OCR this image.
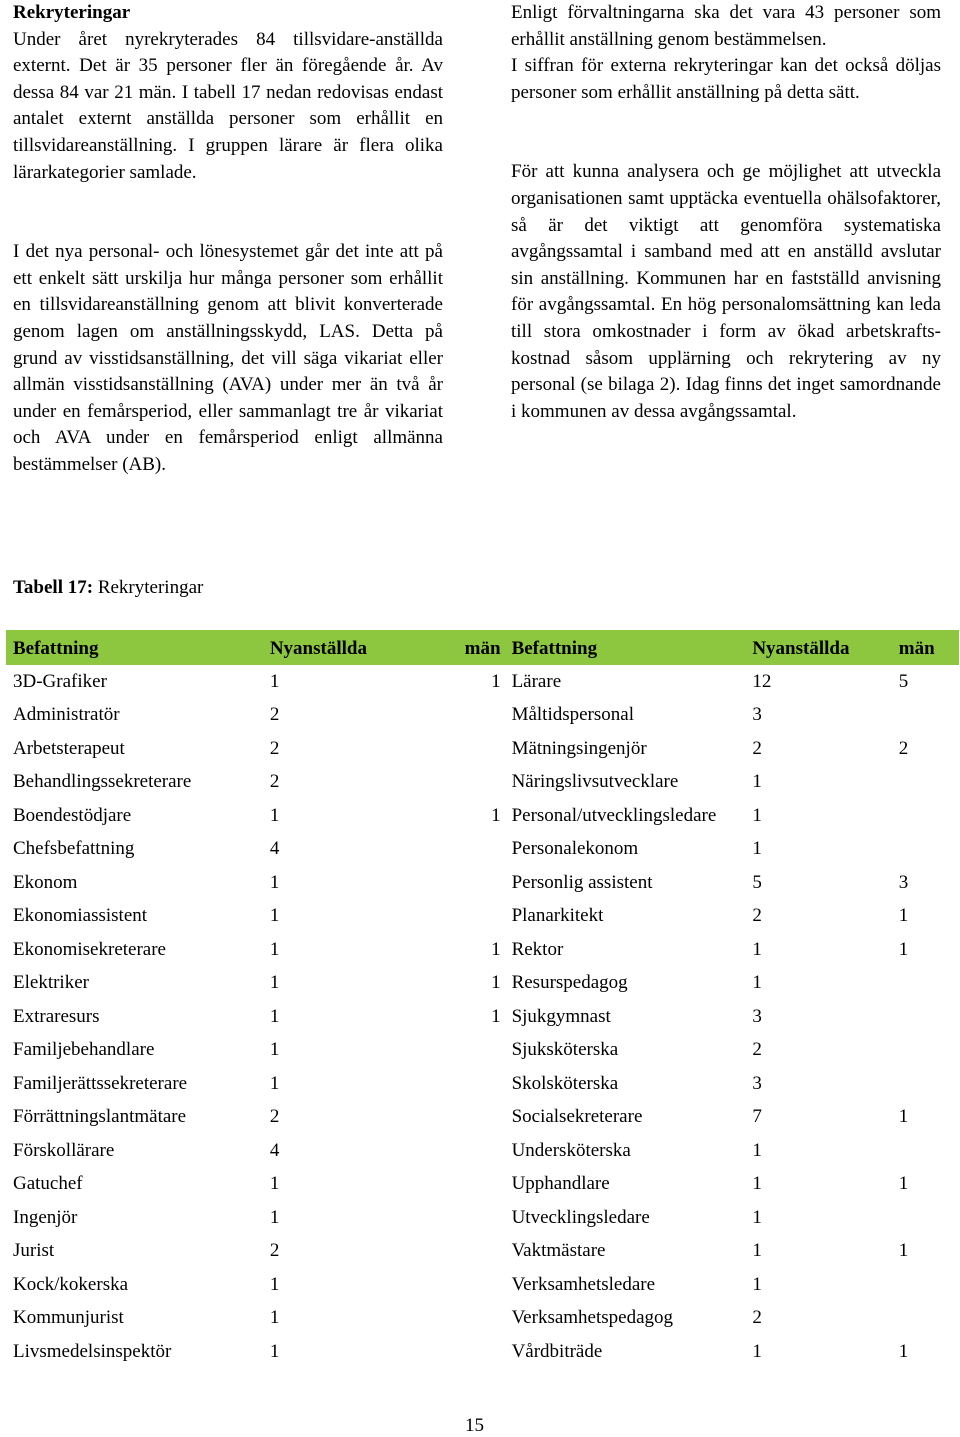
Rekryteringar

Under året nyrekryterades 84 tillsvidare-anställda externt. Det är 35 personer fler än föregående år. Av dessa 84 var 21 män. I tabell 17 nedan redovisas endast antalet externt anställda personer som erhållit en tillsvidareanställning. I gruppen lärare är flera olika lärarkategorier samlade.

I det nya personal- och lönesystemet går det inte att på ett enkelt sätt urskilja hur många personer som erhållit en tillsvidareanställning genom att blivit konverterade genom lagen om anställningsskydd, LAS. Detta på grund av visstidsanställning, det vill säga vikariat eller allmän visstidsanställning (AVA) under mer än två år under en femårsperiod, eller sammanlagt tre år vikariat och AVA under en femårsperiod enligt allmänna bestämmelser (AB).

Enligt förvaltningarna ska det vara 43 personer som erhållit anställning genom bestämmelsen.

I siffran för externa rekryteringar kan det också döljas personer som erhållit anställning på detta sätt.

För att kunna analysera och ge möjlighet att utveckla organisationen samt upptäcka eventuella ohälsofaktorer, så är det viktigt att genomföra systematiska avgångssamtal i samband med att en anställd avslutar sin anställning. Kommunen har en fastställd anvisning för avgångssamtal. En hög personalomsättning kan leda till stora omkostnader i form av ökad arbetskrafts-kostnad såsom upplärning och rekrytering av ny personal (se bilaga 2). Idag finns det inget samordnande i kommunen av dessa avgångssamtal.

Tabell 17: Rekryteringar
Befattning	Nyanställda	män	Befattning	Nyanställda	män
3D-Grafiker	1	1	Lärare	12	5
Administratör	2		Måltidspersonal	3	
Arbetsterapeut	2		Mätningsingenjör	2	2
Behandlingssekreterare	2		Näringslivsutvecklare	1	
Boendestödjare	1	1	Personal/utvecklingsledare	1	
Chefsbefattning	4		Personalekonom	1	
Ekonom	1		Personlig assistent	5	3
Ekonomiassistent	1		Planarkitekt	2	1
Ekonomisekreterare	1	1	Rektor	1	1
Elektriker	1	1	Resurspedagog	1	
Extraresurs	1	1	Sjukgymnast	3	
Familjebehandlare	1		Sjuksköterska	2	
Familjerättssekreterare	1		Skolsköterska	3	
Förrättningslantmätare	2		Socialsekreterare	7	1
Förskollärare	4		Undersköterska	1	
Gatuchef	1		Upphandlare	1	1
Ingenjör	1		Utvecklingsledare	1	
Jurist	2		Vaktmästare	1	1
Kock/kokerska	1		Verksamhetsledare	1	
Kommunjurist	1		Verksamhetspedagog	2	
Livsmedelsinspektör	1		Vårdbiträde	1	1
15
